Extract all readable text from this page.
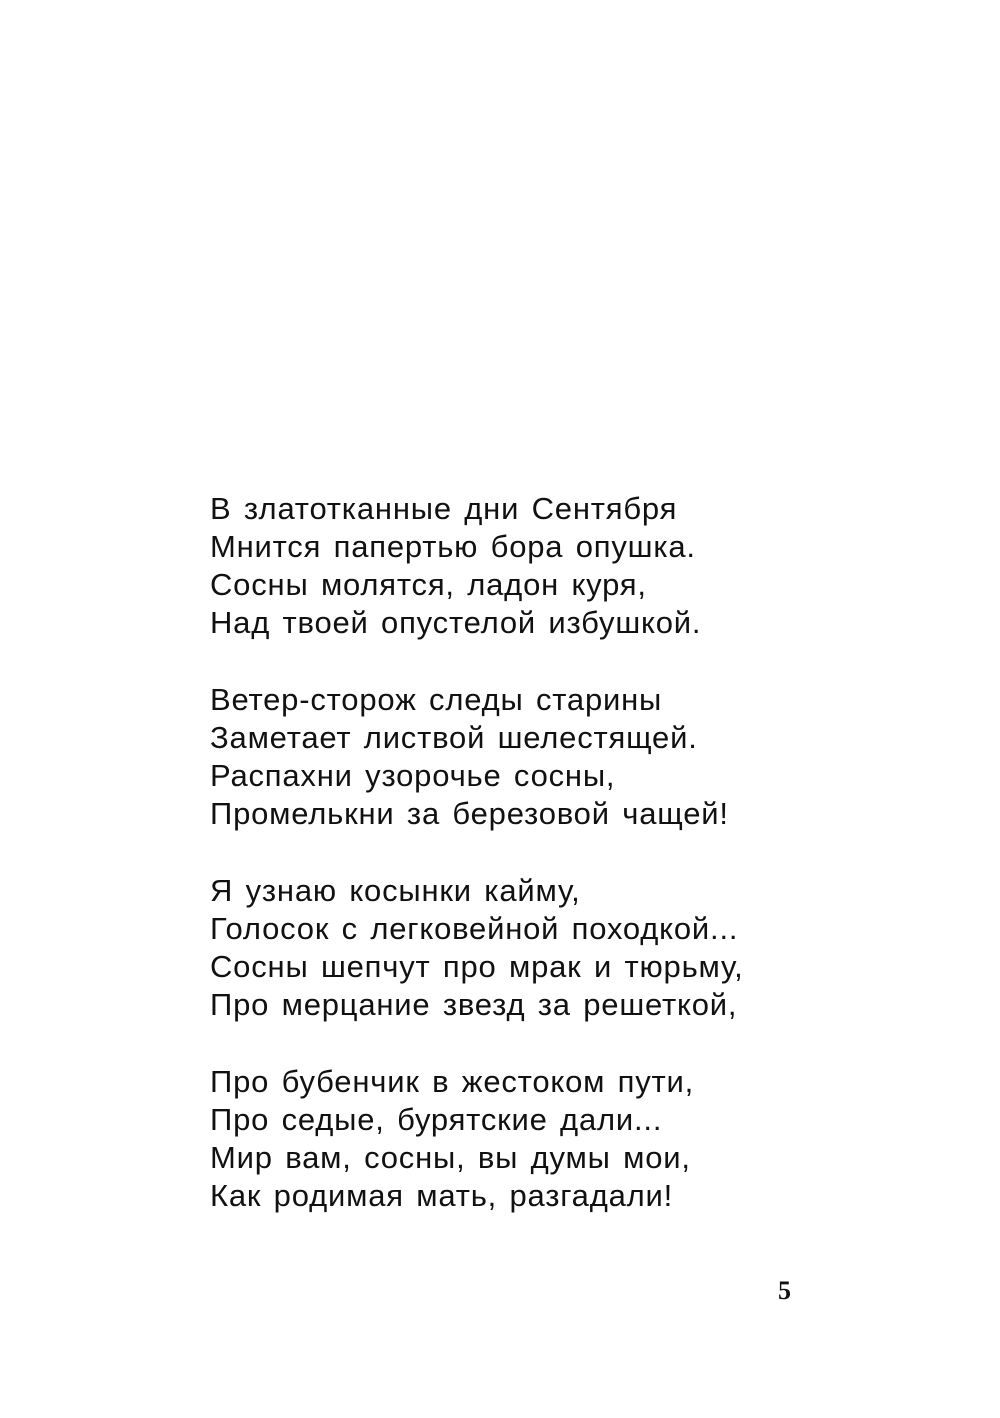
В златотканные дни Сентября
Мнится папертью бора опушка.
Сосны молятся, ладон куря,
Над твоей опустелой избушкой.
Ветер-сторож следы старины
Заметает листвой шелестящей.
Распахни узорочье сосны,
Промелькни за березовой чащей!
Я узнаю косынки кайму,
Голосок с легковейной походкой...
Сосны шепчут про мрак и тюрьму,
Про мерцание звезд за решеткой,
Про бубенчик в жестоком пути,
Про седые, бурятские дали...
Мир вам, сосны, вы думы мои,
Как родимая мать, разгадали!
5
